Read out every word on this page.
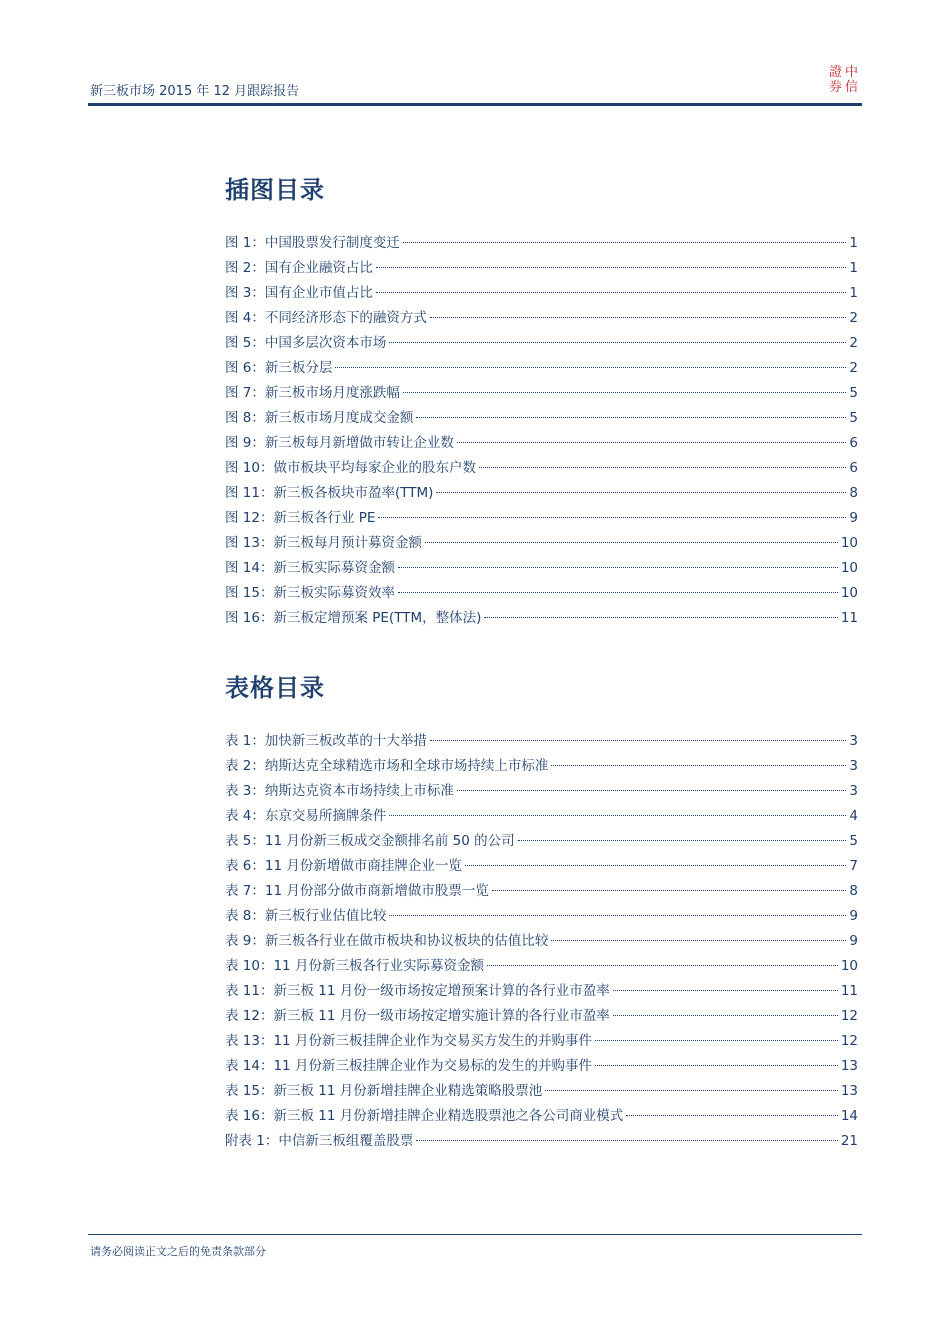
新三板市场 2015 年 12 月跟踪报告
證 中
券 信
插图目录
图 1：中国股票发行制度变迁	1
图 2：国有企业融资占比	1
图 3：国有企业市值占比	1
图 4：不同经济形态下的融资方式	2
图 5：中国多层次资本市场	2
图 6：新三板分层	2
图 7：新三板市场月度涨跌幅	5
图 8：新三板市场月度成交金额	5
图 9：新三板每月新增做市转让企业数	6
图 10：做市板块平均每家企业的股东户数	6
图 11：新三板各板块市盈率(TTM)	8
图 12：新三板各行业 PE	9
图 13：新三板每月预计募资金额	10
图 14：新三板实际募资金额	10
图 15：新三板实际募资效率	10
图 16：新三板定增预案 PE(TTM，整体法)	11
表格目录
表 1：加快新三板改革的十大举措	3
表 2：纳斯达克全球精选市场和全球市场持续上市标准	3
表 3：纳斯达克资本市场持续上市标准	3
表 4：东京交易所摘牌条件	4
表 5：11 月份新三板成交金额排名前 50 的公司	5
表 6：11 月份新增做市商挂牌企业一览	7
表 7：11 月份部分做市商新增做市股票一览	8
表 8：新三板行业估值比较	9
表 9：新三板各行业在做市板块和协议板块的估值比较	9
表 10：11 月份新三板各行业实际募资金额	10
表 11：新三板 11 月份一级市场按定增预案计算的各行业市盈率	11
表 12：新三板 11 月份一级市场按定增实施计算的各行业市盈率	12
表 13：11 月份新三板挂牌企业作为交易买方发生的并购事件	12
表 14：11 月份新三板挂牌企业作为交易标的发生的并购事件	13
表 15：新三板 11 月份新增挂牌企业精选策略股票池	13
表 16：新三板 11 月份新增挂牌企业精选股票池之各公司商业模式	14
附表 1：中信新三板组覆盖股票	21
请务必阅读正文之后的免责条款部分
